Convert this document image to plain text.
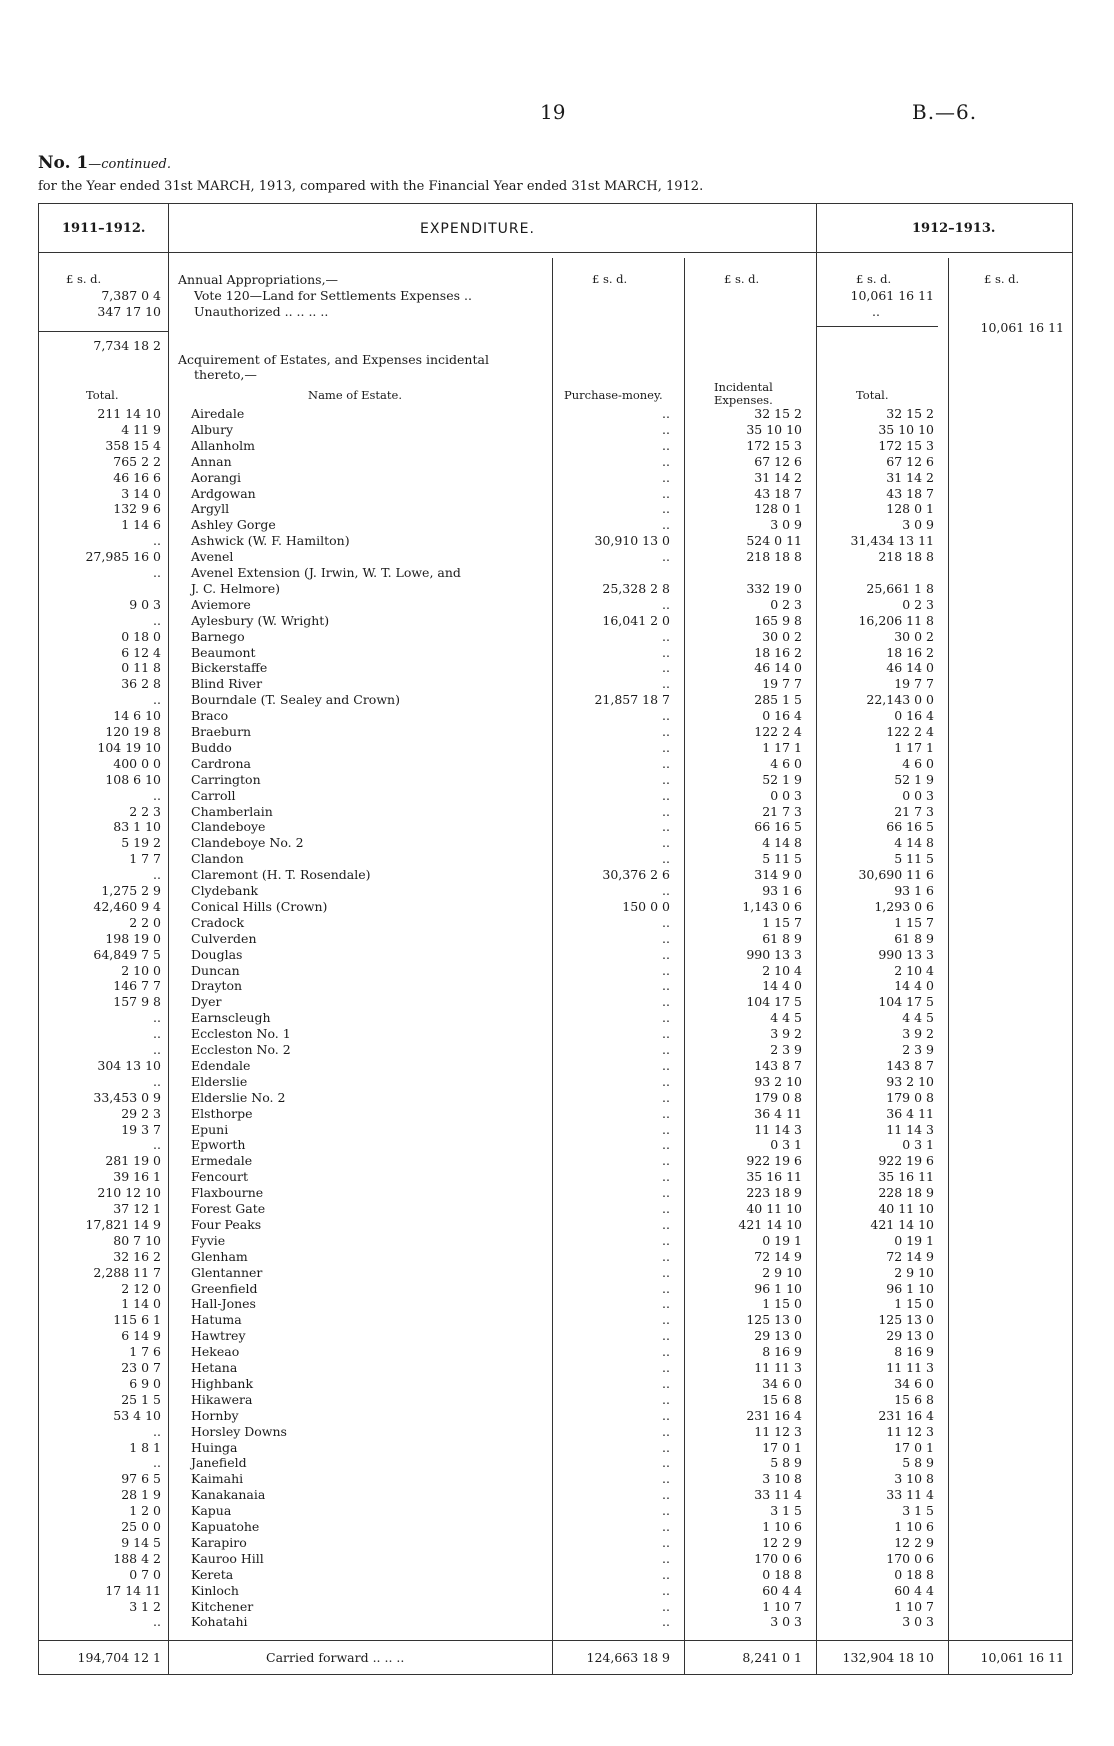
19	B.—6.
No. 1—continued.
for the Year ended 31st MARCH, 1913, compared with the Financial Year ended 31st MARCH, 1912.
1911–1912.	EXPENDITURE.	1912–1913.
£ s. d.	£ s. d.	£ s. d.	£ s. d.	£ s. d.
Annual Appropriations,—
Vote 120—Land for Settlements Expenses ..
7,387 0 4	10,061 16 11
Unauthorized .. .. .. ..
347 17 10	..
10,061 16 11
7,734 18 2
Acquirement of Estates, and Expenses incidental
thereto,—
Total.	Name of Estate.	Purchase-money.
Incidental
Expenses.	Total.
211 14 10 Airedale	..	32 15 2	32 15 2
4 11 9 Albury	..	35 10 10	35 10 10
358 15 4 Allanholm	..	172 15 3	172 15 3
765 2 2 Annan	..	67 12 6	67 12 6
46 16 6 Aorangi	..	31 14 2	31 14 2
3 14 0 Ardgowan	..	43 18 7	43 18 7
132 9 6 Argyll	..	128 0 1	128 0 1
1 14 6 Ashley Gorge	..	3 0 9	3 0 9
.. Ashwick (W. F. Hamilton)	30,910 13 0	524 0 11	31,434 13 11
27,985 16 0 Avenel	..	218 18 8	218 18 8
.. Avenel Extension (J. Irwin, W. T. Lowe, and
J. C. Helmore)	25,328 2 8	332 19 0	25,661 1 8
9 0 3 Aviemore	..	0 2 3	0 2 3
.. Aylesbury (W. Wright)	16,041 2 0	165 9 8	16,206 11 8
0 18 0 Barnego	..	30 0 2	30 0 2
6 12 4 Beaumont	..	18 16 2	18 16 2
0 11 8 Bickerstaffe	..	46 14 0	46 14 0
36 2 8 Blind River	..	19 7 7	19 7 7
.. Bourndale (T. Sealey and Crown)	21,857 18 7	285 1 5	22,143 0 0
14 6 10 Braco	..	0 16 4	0 16 4
120 19 8 Braeburn	..	122 2 4	122 2 4
104 19 10 Buddo	..	1 17 1	1 17 1
400 0 0 Cardrona	..	4 6 0	4 6 0
108 6 10 Carrington	..	52 1 9	52 1 9
.. Carroll	..	0 0 3	0 0 3
2 2 3 Chamberlain	..	21 7 3	21 7 3
83 1 10 Clandeboye	..	66 16 5	66 16 5
5 19 2 Clandeboye No. 2	..	4 14 8	4 14 8
1 7 7 Clandon	..	5 11 5	5 11 5
.. Claremont (H. T. Rosendale)	30,376 2 6	314 9 0	30,690 11 6
1,275 2 9 Clydebank	..	93 1 6	93 1 6
42,460 9 4 Conical Hills (Crown)	150 0 0	1,143 0 6	1,293 0 6
2 2 0 Cradock	..	1 15 7	1 15 7
198 19 0 Culverden	..	61 8 9	61 8 9
64,849 7 5 Douglas	..	990 13 3	990 13 3
2 10 0 Duncan	..	2 10 4	2 10 4
146 7 7 Drayton	..	14 4 0	14 4 0
157 9 8 Dyer	..	104 17 5	104 17 5
.. Earnscleugh	..	4 4 5	4 4 5
.. Eccleston No. 1	..	3 9 2	3 9 2
.. Eccleston No. 2	..	2 3 9	2 3 9
304 13 10 Edendale	..	143 8 7	143 8 7
.. Elderslie	..	93 2 10	93 2 10
33,453 0 9 Elderslie No. 2	..	179 0 8	179 0 8
29 2 3 Elsthorpe	..	36 4 11	36 4 11
19 3 7 Epuni	..	11 14 3	11 14 3
.. Epworth	..	0 3 1	0 3 1
281 19 0 Ermedale	..	922 19 6	922 19 6
39 16 1 Fencourt	..	35 16 11	35 16 11
210 12 10 Flaxbourne	..	223 18 9	228 18 9
37 12 1 Forest Gate	..	40 11 10	40 11 10
17,821 14 9 Four Peaks	..	421 14 10	421 14 10
80 7 10 Fyvie	..	0 19 1	0 19 1
32 16 2 Glenham	..	72 14 9	72 14 9
2,288 11 7 Glentanner	..	2 9 10	2 9 10
2 12 0 Greenfield	..	96 1 10	96 1 10
1 14 0 Hall-Jones	..	1 15 0	1 15 0
115 6 1 Hatuma	..	125 13 0	125 13 0
6 14 9 Hawtrey	..	29 13 0	29 13 0
1 7 6 Hekeao	..	8 16 9	8 16 9
23 0 7 Hetana	..	11 11 3	11 11 3
6 9 0 Highbank	..	34 6 0	34 6 0
25 1 5 Hikawera	..	15 6 8	15 6 8
53 4 10 Hornby	..	231 16 4	231 16 4
.. Horsley Downs	..	11 12 3	11 12 3
1 8 1 Huinga	..	17 0 1	17 0 1
.. Janefield	..	5 8 9	5 8 9
97 6 5 Kaimahi	..	3 10 8	3 10 8
28 1 9 Kanakanaia	..	33 11 4	33 11 4
1 2 0 Kapua	..	3 1 5	3 1 5
25 0 0 Kapuatohe	..	1 10 6	1 10 6
9 14 5 Karapiro	..	12 2 9	12 2 9
188 4 2 Kauroo Hill	..	170 0 6	170 0 6
0 7 0 Kereta	..	0 18 8	0 18 8
17 14 11 Kinloch	..	60 4 4	60 4 4
3 1 2 Kitchener	..	1 10 7	1 10 7
.. Kohatahi	..	3 0 3	3 0 3
194,704 12 1	Carried forward .. .. ..	124,663 18 9	8,241 0 1	132,904 18 10	10,061 16 11
